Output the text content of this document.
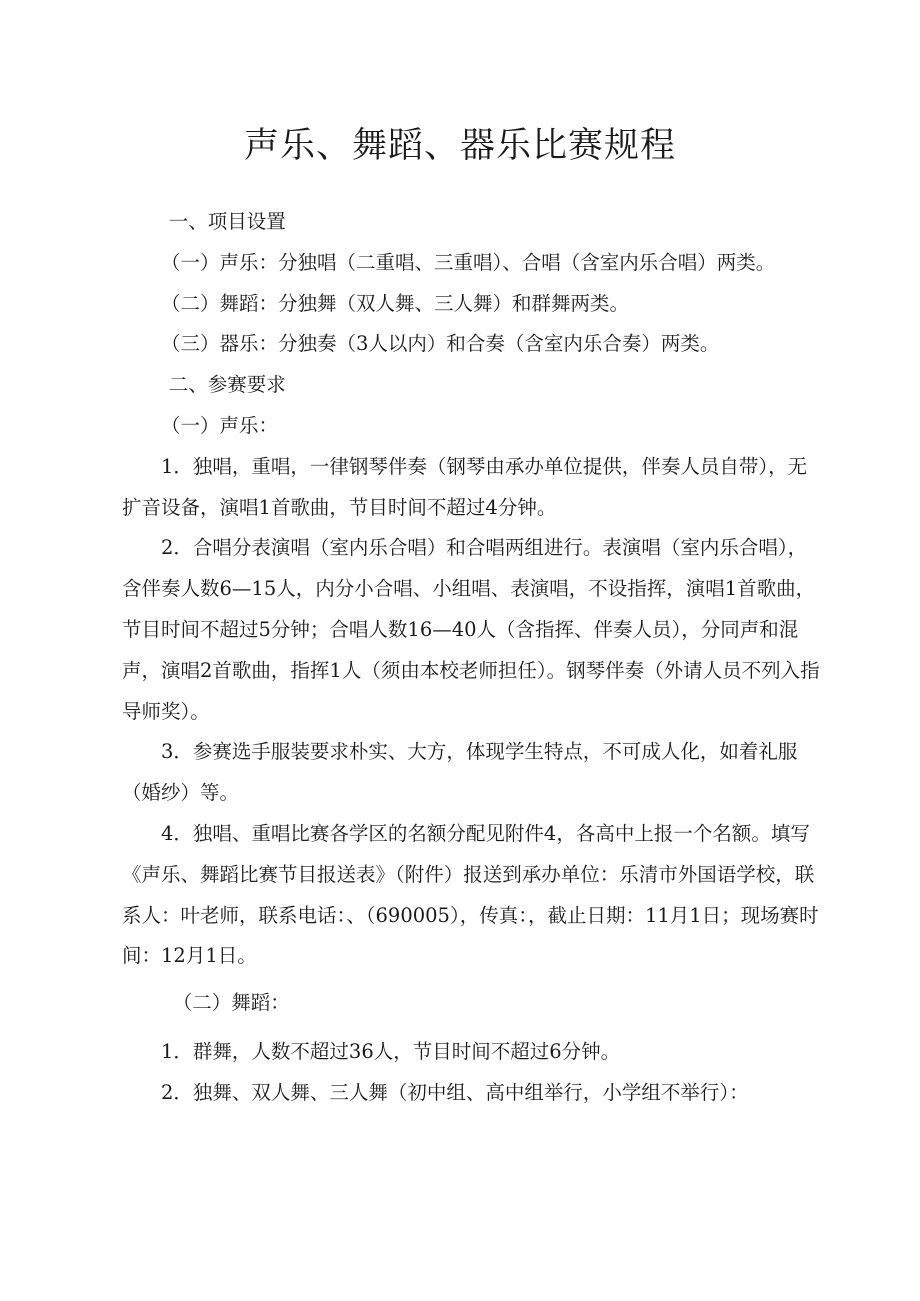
声乐、舞蹈、器乐比赛规程

一、项目设置

（一）声乐：分独唱（二重唱、三重唱）、合唱（含室内乐合唱）两类。

（二）舞蹈：分独舞（双人舞、三人舞）和群舞两类。

（三）器乐：分独奏（3人以内）和合奏（含室内乐合奏）两类。

二、参赛要求

（一）声乐：

1．独唱，重唱，一律钢琴伴奏（钢琴由承办单位提供，伴奏人员自带），无扩音设备，演唱1首歌曲，节目时间不超过4分钟。

2．合唱分表演唱（室内乐合唱）和合唱两组进行。表演唱（室内乐合唱），含伴奏人数6—15人，内分小合唱、小组唱、表演唱，不设指挥，演唱1首歌曲，节目时间不超过5分钟；合唱人数16—40人（含指挥、伴奏人员），分同声和混声，演唱2首歌曲，指挥1人（须由本校老师担任）。钢琴伴奏（外请人员不列入指导师奖）。

3．参赛选手服装要求朴实、大方，体现学生特点，不可成人化，如着礼服（婚纱）等。

4．独唱、重唱比赛各学区的名额分配见附件4，各高中上报一个名额。填写《声乐、舞蹈比赛节目报送表》（附件）报送到承办单位：乐清市外国语学校，联系人：叶老师，联系电话：、（690005），传真：，截止日期：11月1日；现场赛时间：12月1日。

（二）舞蹈：

1．群舞，人数不超过36人，节目时间不超过6分钟。

2．独舞、双人舞、三人舞（初中组、高中组举行，小学组不举行）：
